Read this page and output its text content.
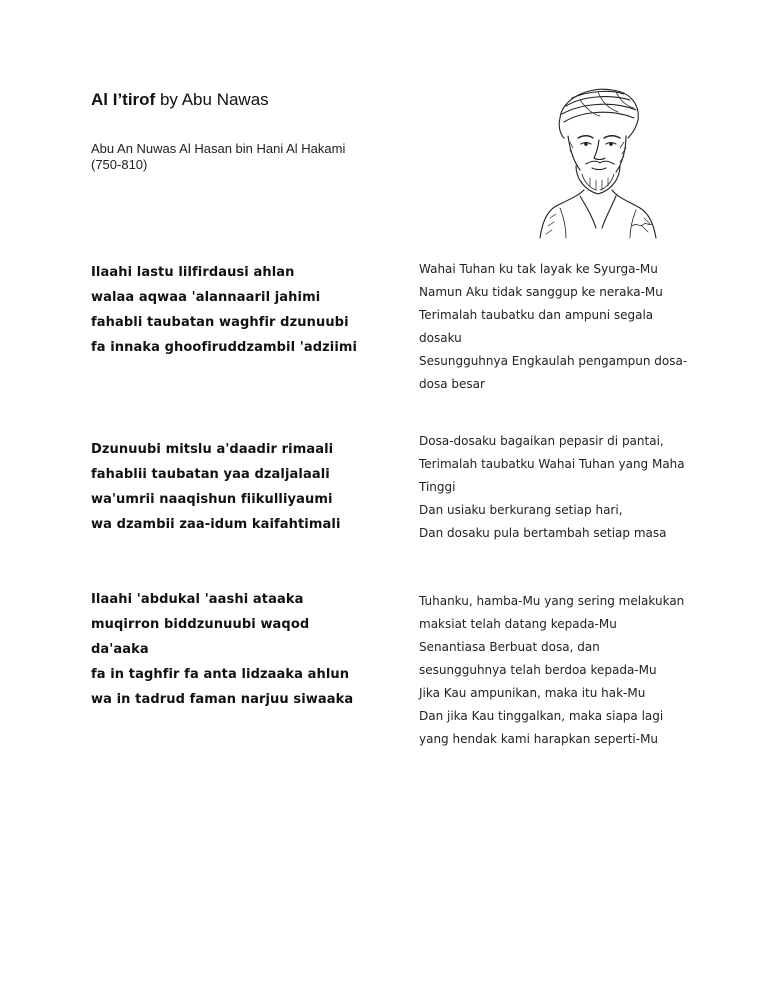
Al I’tirof by Abu Nawas
Abu An Nuwas Al Hasan bin Hani Al Hakami
(750-810)
Ilaahi lastu lilfirdausi ahlan
walaa aqwaa 'alannaaril jahimi
fahabli taubatan waghfir dzunuubi
fa innaka ghoofiruddzambil 'adziimi
Wahai Tuhan ku tak layak ke Syurga-Mu
Namun Aku tidak sanggup ke neraka-Mu
Terimalah taubatku dan ampuni segala
dosaku
Sesungguhnya Engkaulah pengampun dosa-
dosa besar
Dzunuubi mitslu a'daadir rimaali
fahablii taubatan yaa dzaljalaali
wa'umrii naaqishun fiikulliyaumi
wa dzambii zaa-idum kaifahtimali
Dosa-dosaku bagaikan pepasir di pantai,
Terimalah taubatku Wahai Tuhan yang Maha
Tinggi
Dan usiaku berkurang setiap hari,
Dan dosaku pula bertambah setiap masa
Ilaahi 'abdukal 'aashi ataaka
muqirron biddzunuubi waqod
da'aaka
fa in taghfir fa anta lidzaaka ahlun
wa in tadrud faman narjuu siwaaka
Tuhanku, hamba-Mu yang sering melakukan
maksiat telah datang kepada-Mu
Senantiasa Berbuat dosa, dan
sesungguhnya telah berdoa kepada-Mu
Jika Kau ampunikan, maka itu hak-Mu
Dan jika Kau tinggalkan, maka siapa lagi
yang hendak kami harapkan seperti-Mu
